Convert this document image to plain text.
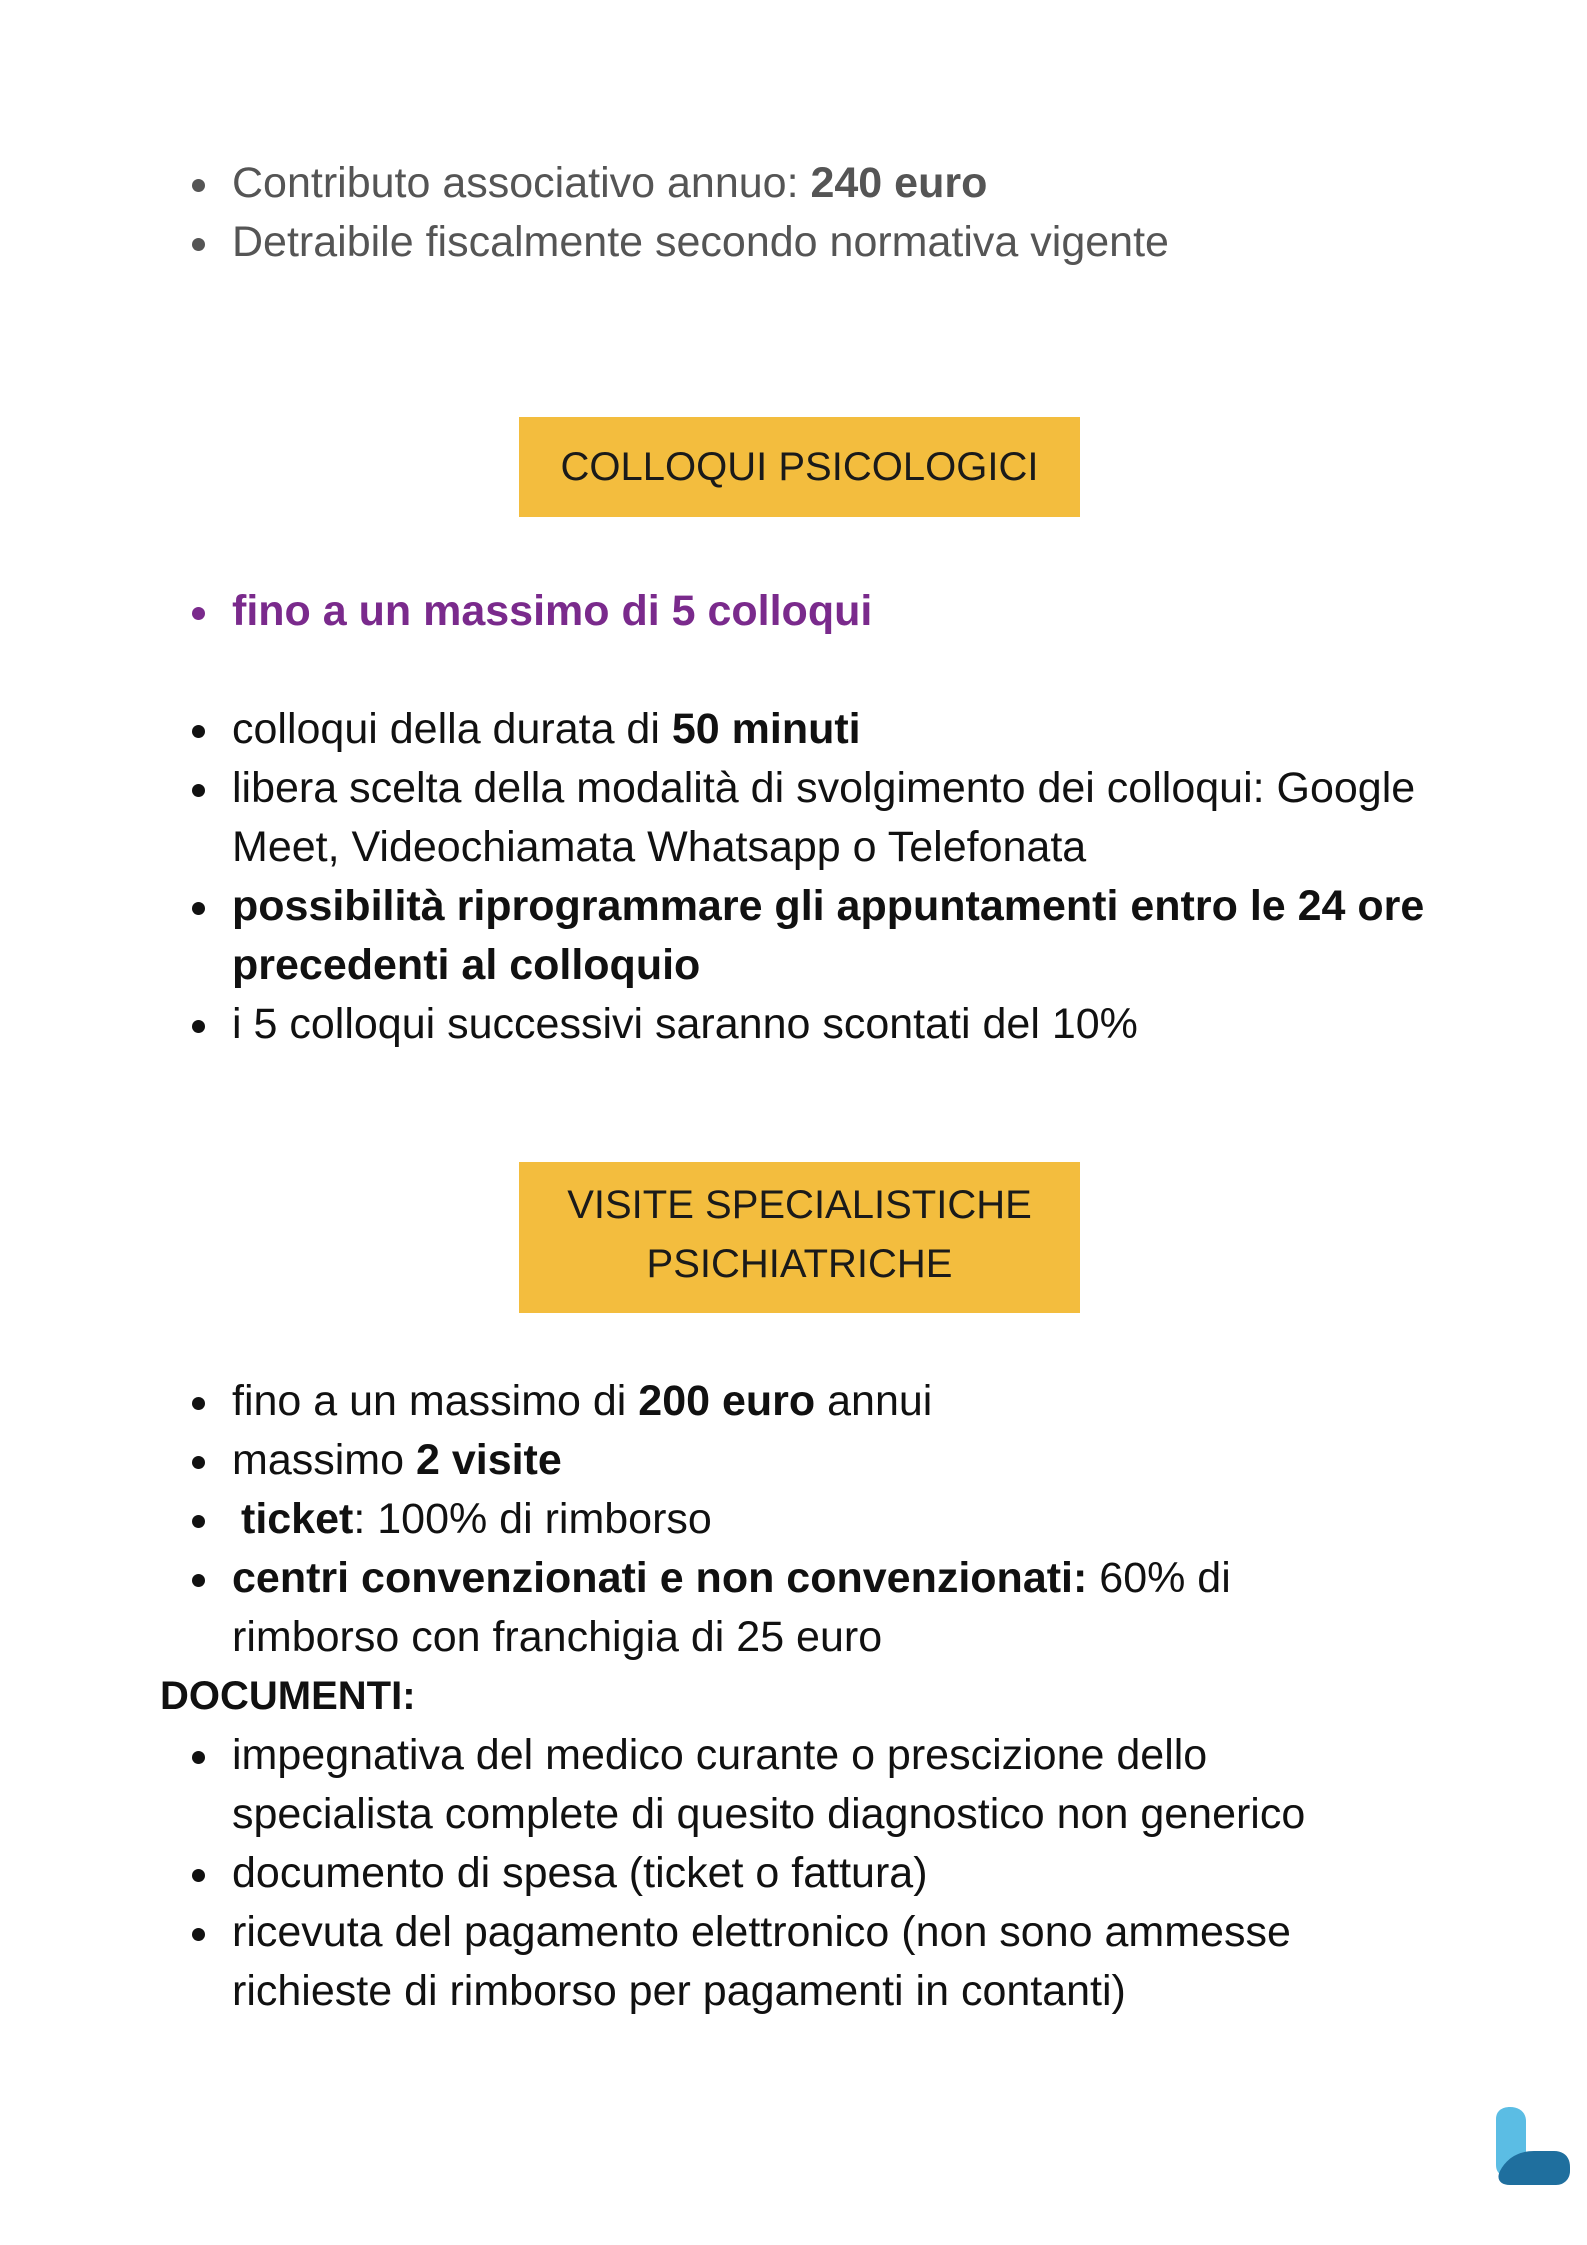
Contributo associativo annuo: 240 euro
Detraibile fiscalmente secondo normativa vigente
COLLOQUI PSICOLOGICI
fino a un massimo di 5 colloqui
colloqui della durata di 50 minuti
libera scelta della modalità di svolgimento dei colloqui: Google Meet, Videochiamata Whatsapp o Telefonata
possibilità riprogrammare gli appuntamenti entro le 24 ore precedenti al colloquio
i 5 colloqui successivi saranno scontati del 10%
VISITE SPECIALISTICHE
PSICHIATRICHE
fino a un massimo di 200 euro annui
massimo 2 visite
ticket: 100% di rimborso
centri convenzionati e non convenzionati: 60% di rimborso con franchigia di 25 euro
DOCUMENTI:
impegnativa del medico curante o prescizione dello specialista complete di quesito diagnostico non generico
documento di spesa (ticket o fattura)
ricevuta del pagamento elettronico (non sono ammesse richieste di rimborso per pagamenti in contanti)
